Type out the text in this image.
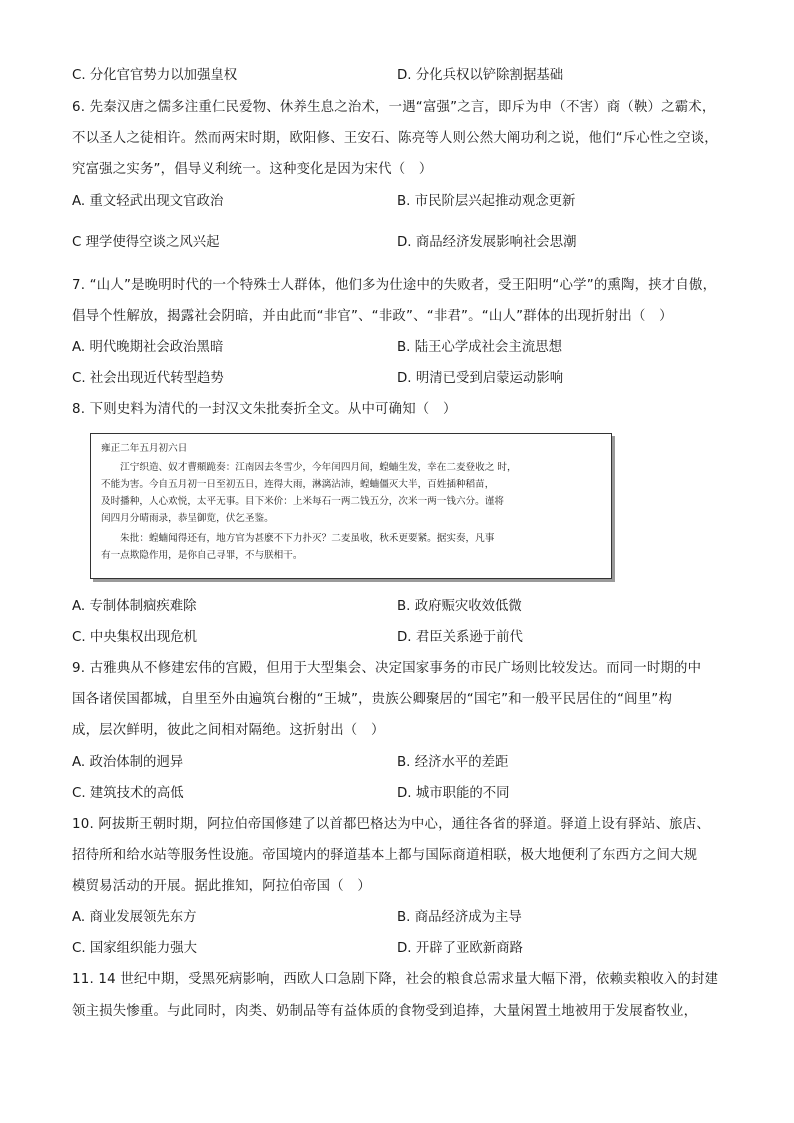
C. 分化官官势力以加强皇权	D. 分化兵权以铲除割据基础
6. 先秦汉唐之儒多注重仁民爱物、休养生息之治术，一遇“富强”之言，即斥为申（不害）商（鞅）之霸术，
不以圣人之徒相许。然而两宋时期，欧阳修、王安石、陈亮等人则公然大阐功利之说，他们“斥心性之空谈，
究富强之实务”，倡导义利统一。这种变化是因为宋代（　）
A. 重文轻武出现文官政治	B. 市民阶层兴起推动观念更新
C 理学使得空谈之风兴起	D. 商品经济发展影响社会思潮
7. “山人”是晚明时代的一个特殊士人群体，他们多为仕途中的失败者，受王阳明“心学”的熏陶，挟才自傲，
倡导个性解放，揭露社会阴暗，并由此而“非官”、“非政”、“非君”。“山人”群体的出现折射出（　）
A. 明代晚期社会政治黑暗	B. 陆王心学成社会主流思想
C. 社会出现近代转型趋势	D. 明清已受到启蒙运动影响
8. 下则史料为清代的一封汉文朱批奏折全文。从中可确知（　）
雍正二年五月初六日
　　江宁织造、奴才曹頫跪奏：江南因去冬雪少，今年闰四月间，蝗蝻生发，幸在二麦登收之 时，
不能为害。今自五月初一日至初五日，连得大雨，淋漓沾沛，蝗蝻僵灭大半，百姓插种稻苗，
及时播种，人心欢悦，太平无事。目下米价：上米每石一两二钱五分，次米一两一钱六分。谨将
闰四月分晴雨录，恭呈御览，伏乞圣鉴。
　　朱批：蝗蝻闻得还有，地方官为甚麽不下力扑灭？二麦虽收，秋禾更要紧。据实奏，凡事
有一点欺隐作用，是你自己寻罪，不与朕相干。
A. 专制体制痼疾难除	B. 政府赈灾收效低微
C. 中央集权出现危机	D. 君臣关系逊于前代
9. 古雅典从不修建宏伟的宫殿，但用于大型集会、决定国家事务的市民广场则比较发达。而同一时期的中
国各诸侯国都城，自里至外由遍筑台榭的“王城”，贵族公卿聚居的“国宅”和一般平民居住的“闾里”构
成，层次鲜明，彼此之间相对隔绝。这折射出（　）
A. 政治体制的迥异	B. 经济水平的差距
C. 建筑技术的高低	D. 城市职能的不同
10. 阿拔斯王朝时期，阿拉伯帝国修建了以首都巴格达为中心，通往各省的驿道。驿道上设有驿站、旅店、
招待所和给水站等服务性设施。帝国境内的驿道基本上都与国际商道相联，极大地便利了东西方之间大规
模贸易活动的开展。据此推知，阿拉伯帝国（　）
A. 商业发展领先东方	B. 商品经济成为主导
C. 国家组织能力强大	D. 开辟了亚欧新商路
11. 14 世纪中期，受黑死病影响，西欧人口急剧下降，社会的粮食总需求量大幅下滑，依赖卖粮收入的封建
领主损失惨重。与此同时，肉类、奶制品等有益体质的食物受到追捧，大量闲置土地被用于发展畜牧业，
